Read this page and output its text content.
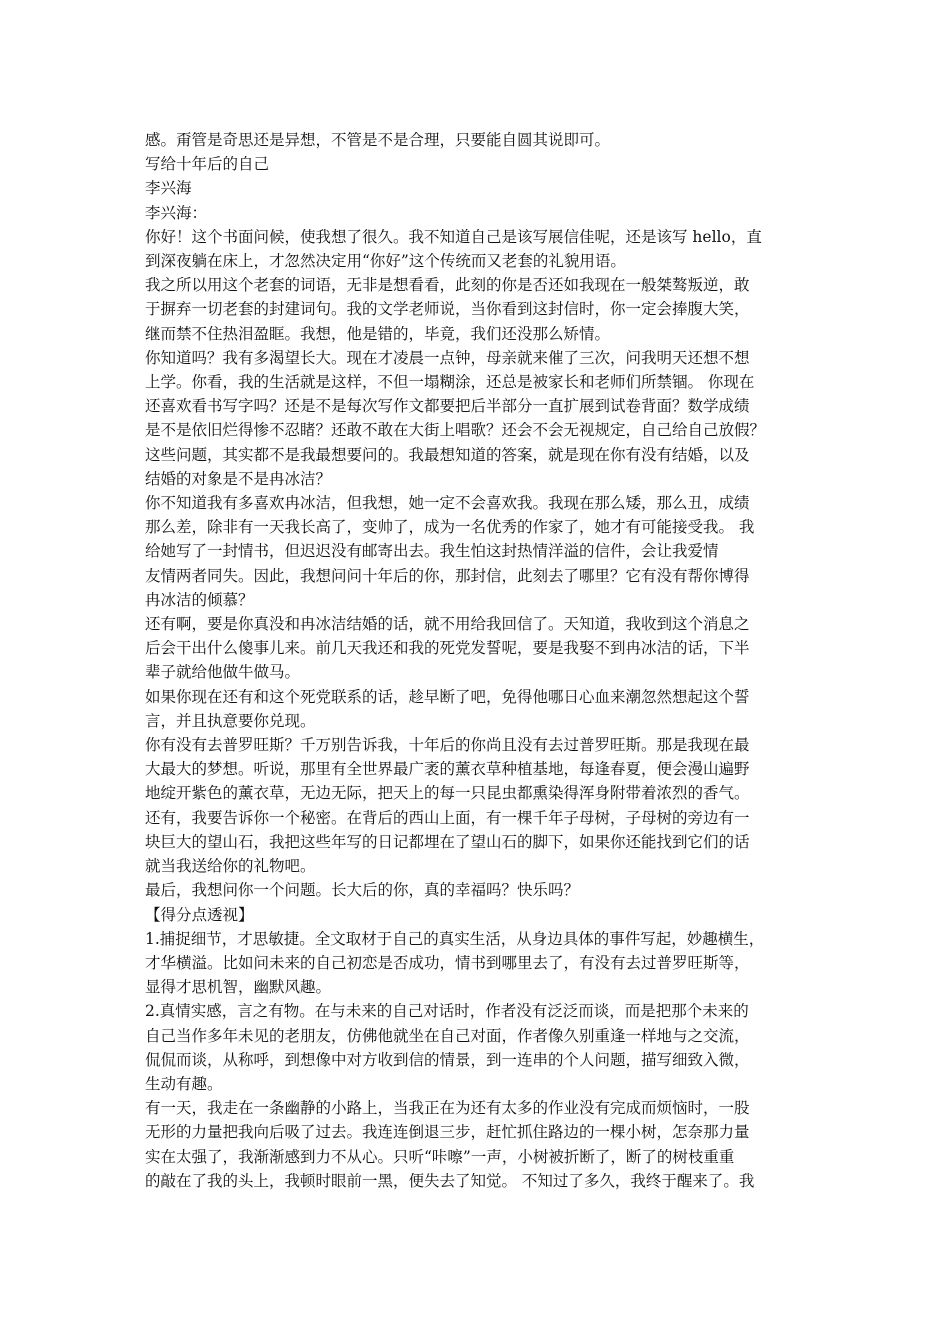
感。甭管是奇思还是异想，不管是不是合理，只要能自圆其说即可。
写给十年后的自己
李兴海
李兴海：
你好！这个书面问候，使我想了很久。我不知道自己是该写展信佳呢，还是该写 hello，直
到深夜躺在床上，才忽然决定用“你好”这个传统而又老套的礼貌用语。
我之所以用这个老套的词语，无非是想看看，此刻的你是否还如我现在一般桀骜叛逆，敢
于摒弃一切老套的封建词句。我的文学老师说，当你看到这封信时，你一定会捧腹大笑，
继而禁不住热泪盈眶。我想，他是错的，毕竟，我们还没那么矫情。
你知道吗？我有多渴望长大。现在才凌晨一点钟，母亲就来催了三次，问我明天还想不想
上学。你看，我的生活就是这样，不但一塌糊涂，还总是被家长和老师们所禁锢。 你现在
还喜欢看书写字吗？还是不是每次写作文都要把后半部分一直扩展到试卷背面？数学成绩
是不是依旧烂得惨不忍睹？还敢不敢在大街上唱歌？还会不会无视规定，自己给自己放假？
这些问题，其实都不是我最想要问的。我最想知道的答案，就是现在你有没有结婚，以及
结婚的对象是不是冉冰洁？
你不知道我有多喜欢冉冰洁，但我想，她一定不会喜欢我。我现在那么矮，那么丑，成绩
那么差，除非有一天我长高了，变帅了，成为一名优秀的作家了，她才有可能接受我。 我
给她写了一封情书，但迟迟没有邮寄出去。我生怕这封热情洋溢的信件，会让我爱情
友情两者同失。因此，我想问问十年后的你，那封信，此刻去了哪里？它有没有帮你博得
冉冰洁的倾慕？
还有啊，要是你真没和冉冰洁结婚的话，就不用给我回信了。天知道，我收到这个消息之
后会干出什么傻事儿来。前几天我还和我的死党发誓呢，要是我娶不到冉冰洁的话，下半
辈子就给他做牛做马。
如果你现在还有和这个死党联系的话，趁早断了吧，免得他哪日心血来潮忽然想起这个誓
言，并且执意要你兑现。
你有没有去普罗旺斯？千万别告诉我，十年后的你尚且没有去过普罗旺斯。那是我现在最
大最大的梦想。听说，那里有全世界最广袤的薰衣草种植基地，每逢春夏，便会漫山遍野
地绽开紫色的薰衣草，无边无际，把天上的每一只昆虫都熏染得浑身附带着浓烈的香气。
还有，我要告诉你一个秘密。在背后的西山上面，有一棵千年子母树，子母树的旁边有一
块巨大的望山石，我把这些年写的日记都埋在了望山石的脚下，如果你还能找到它们的话
就当我送给你的礼物吧。
最后，我想问你一个问题。长大后的你，真的幸福吗？快乐吗？
【得分点透视】
1.捕捉细节，才思敏捷。全文取材于自己的真实生活，从身边具体的事件写起，妙趣横生，
才华横溢。比如问未来的自己初恋是否成功，情书到哪里去了，有没有去过普罗旺斯等，
显得才思机智，幽默风趣。
2.真情实感，言之有物。在与未来的自己对话时，作者没有泛泛而谈，而是把那个未来的
自己当作多年未见的老朋友，仿佛他就坐在自己对面，作者像久别重逢一样地与之交流，
侃侃而谈，从称呼，到想像中对方收到信的情景，到一连串的个人问题，描写细致入微，
生动有趣。
有一天，我走在一条幽静的小路上，当我正在为还有太多的作业没有完成而烦恼时，一股
无形的力量把我向后吸了过去。我连连倒退三步，赶忙抓住路边的一棵小树，怎奈那力量
实在太强了，我渐渐感到力不从心。只听“咔嚓”一声，小树被折断了，断了的树枝重重
的敲在了我的头上，我顿时眼前一黑，便失去了知觉。 不知过了多久，我终于醒来了。我
